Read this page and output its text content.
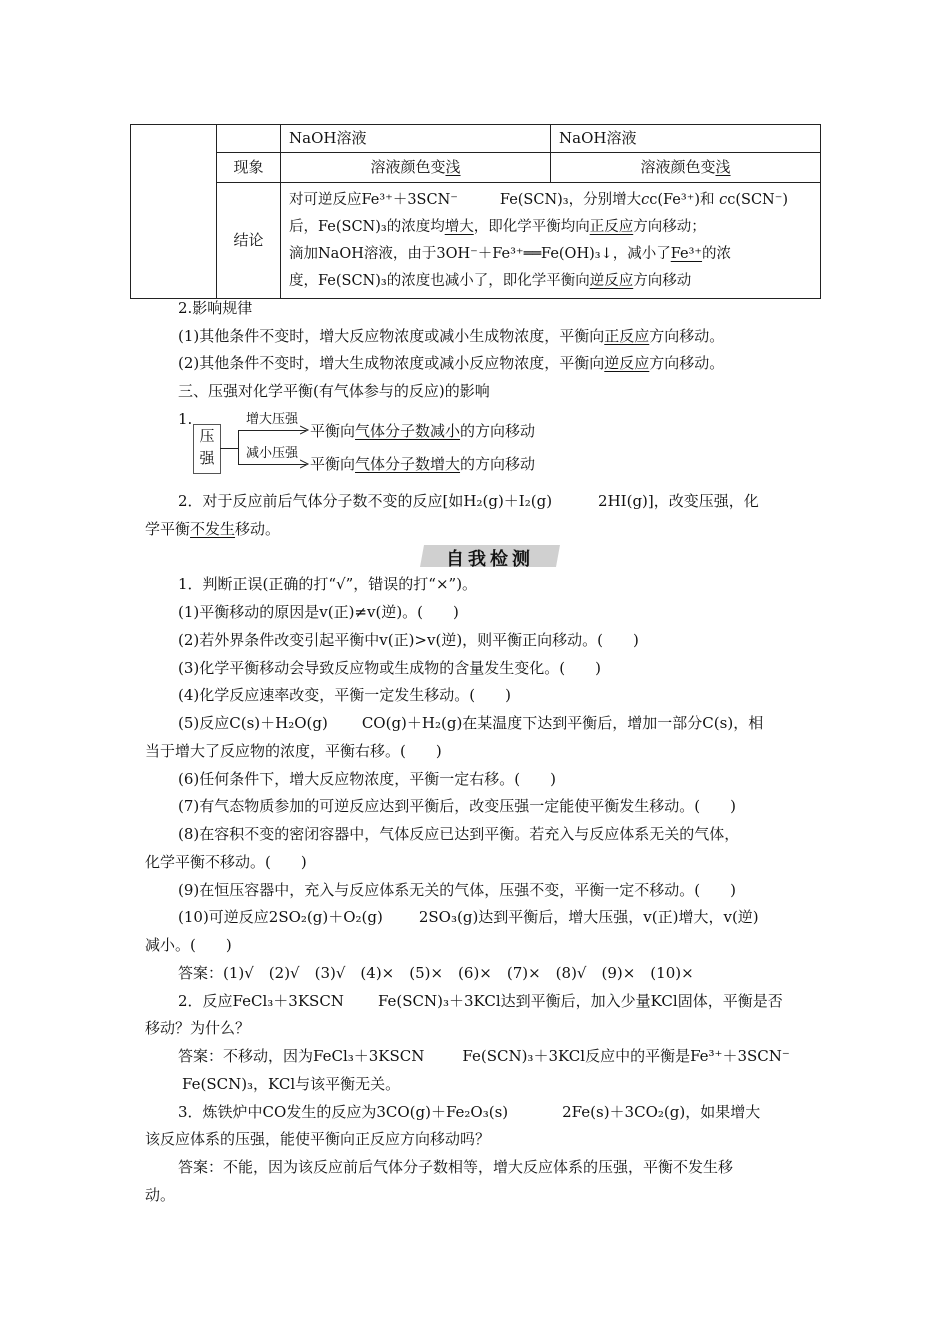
		NaOH溶液	NaOH溶液
	现象	溶液颜色变浅	溶液颜色变浅
	结论	对可逆反应Fe³⁺＋3SCN⁻ Fe(SCN)₃，分别增大cc(Fe³⁺)和 cc(SCN⁻)
后，Fe(SCN)₃的浓度均增大，即化学平衡均向正反应方向移动；
滴加NaOH溶液，由于3OH⁻＋Fe³⁺══Fe(OH)₃↓，减小了Fe³⁺的浓
度，Fe(SCN)₃的浓度也减小了，即化学平衡向逆反应方向移动	
2.影响规律
(1)其他条件不变时，增大反应物浓度或减小生成物浓度，平衡向正反应方向移动。
(2)其他条件不变时，增大生成物浓度或减小反应物浓度，平衡向逆反应方向移动。
三、压强对化学平衡(有气体参与的反应)的影响
1.
压
强
增大压强
减小压强
平衡向气体分子数减小的方向移动
平衡向气体分子数增大的方向移动
2．对于反应前后气体分子数不变的反应[如H₂(g)＋I₂(g)	2HI(g)]，改变压强，化
学平衡不发生移动。
自我检测
1．判断正误(正确的打“√”，错误的打“×”)。
(1)平衡移动的原因是v(正)≠v(逆)。(　　)
(2)若外界条件改变引起平衡中v(正)>v(逆)，则平衡正向移动。(　　)
(3)化学平衡移动会导致反应物或生成物的含量发生变化。(　　)
(4)化学反应速率改变，平衡一定发生移动。(　　)
(5)反应C(s)＋H₂O(g) CO(g)＋H₂(g)在某温度下达到平衡后，增加一部分C(s)，相
当于增大了反应物的浓度，平衡右移。(　　)
(6)任何条件下，增大反应物浓度，平衡一定右移。(　　)
(7)有气态物质参加的可逆反应达到平衡后，改变压强一定能使平衡发生移动。(　　)
(8)在容积不变的密闭容器中，气体反应已达到平衡。若充入与反应体系无关的气体，
化学平衡不移动。(　　)
(9)在恒压容器中，充入与反应体系无关的气体，压强不变，平衡一定不移动。(　　)
(10)可逆反应2SO₂(g)＋O₂(g) 2SO₃(g)达到平衡后，增大压强，v(正)增大，v(逆)
减小。(　　)
答案：(1)√　(2)√　(3)√　(4)×　(5)×　(6)×　(7)×　(8)√　(9)×　(10)×
2．反应FeCl₃＋3KSCN Fe(SCN)₃＋3KCl达到平衡后，加入少量KCl固体，平衡是否
移动？为什么？
答案：不移动，因为FeCl₃＋3KSCN	Fe(SCN)₃＋3KCl反应中的平衡是Fe³⁺＋3SCN⁻
Fe(SCN)₃，KCl与该平衡无关。
3．炼铁炉中CO发生的反应为3CO(g)＋Fe₂O₃(s)	2Fe(s)＋3CO₂(g)，如果增大
该反应体系的压强，能使平衡向正反应方向移动吗？
答案：不能，因为该反应前后气体分子数相等，增大反应体系的压强，平衡不发生移
动。
